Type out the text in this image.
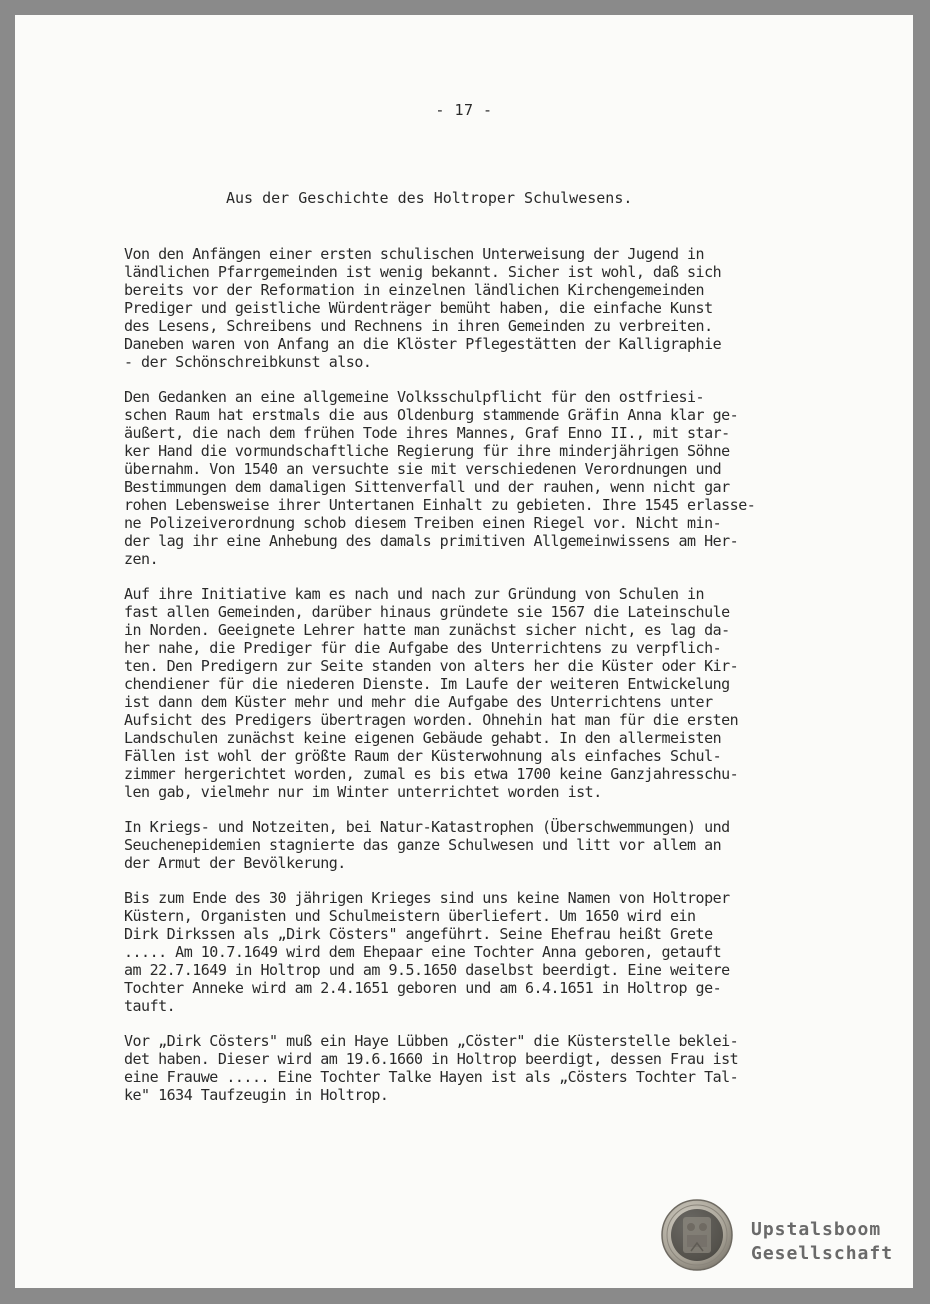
- 17 -
Aus der Geschichte des Holtroper Schulwesens.
Von den Anfängen einer ersten schulischen Unterweisung der Jugend in
ländlichen Pfarrgemeinden ist wenig bekannt. Sicher ist wohl, daß sich
bereits vor der Reformation in einzelnen ländlichen Kirchengemeinden
Prediger und geistliche Würdenträger bemüht haben, die einfache Kunst
des Lesens, Schreibens und Rechnens in ihren Gemeinden zu verbreiten.
Daneben waren von Anfang an die Klöster Pflegestätten der Kalligraphie
- der Schönschreibkunst also.
Den Gedanken an eine allgemeine Volksschulpflicht für den ostfriesi-
schen Raum hat erstmals die aus Oldenburg stammende Gräfin Anna klar ge-
äußert, die nach dem frühen Tode ihres Mannes, Graf Enno II., mit star-
ker Hand die vormundschaftliche Regierung für ihre minderjährigen Söhne
übernahm. Von 1540 an versuchte sie mit verschiedenen Verordnungen und
Bestimmungen dem damaligen Sittenverfall und der rauhen, wenn nicht gar
rohen Lebensweise ihrer Untertanen Einhalt zu gebieten. Ihre 1545 erlasse-
ne Polizeiverordnung schob diesem Treiben einen Riegel vor. Nicht min-
der lag ihr eine Anhebung des damals primitiven Allgemeinwissens am Her-
zen.
Auf ihre Initiative kam es nach und nach zur Gründung von Schulen in
fast allen Gemeinden, darüber hinaus gründete sie 1567 die Lateinschule
in Norden. Geeignete Lehrer hatte man zunächst sicher nicht, es lag da-
her nahe, die Prediger für die Aufgabe des Unterrichtens zu verpflich-
ten. Den Predigern zur Seite standen von alters her die Küster oder Kir-
chendiener für die niederen Dienste. Im Laufe der weiteren Entwickelung
ist dann dem Küster mehr und mehr die Aufgabe des Unterrichtens unter
Aufsicht des Predigers übertragen worden. Ohnehin hat man für die ersten
Landschulen zunächst keine eigenen Gebäude gehabt. In den allermeisten
Fällen ist wohl der größte Raum der Küsterwohnung als einfaches Schul-
zimmer hergerichtet worden, zumal es bis etwa 1700 keine Ganzjahresschu-
len gab, vielmehr nur im Winter unterrichtet worden ist.
In Kriegs- und Notzeiten, bei Natur-Katastrophen (Überschwemmungen) und
Seuchenepidemien stagnierte das ganze Schulwesen und litt vor allem an
der Armut der Bevölkerung.
Bis zum Ende des 30 jährigen Krieges sind uns keine Namen von Holtroper
Küstern, Organisten und Schulmeistern überliefert. Um 1650 wird ein
Dirk Dirkssen als „Dirk Cösters" angeführt. Seine Ehefrau heißt Grete
..... Am 10.7.1649 wird dem Ehepaar eine Tochter Anna geboren, getauft
am 22.7.1649 in Holtrop und am 9.5.1650 daselbst beerdigt. Eine weitere
Tochter Anneke wird am 2.4.1651 geboren und am 6.4.1651 in Holtrop ge-
tauft.
Vor „Dirk Cösters" muß ein Haye Lübben „Cöster" die Küsterstelle beklei-
det haben. Dieser wird am 19.6.1660 in Holtrop beerdigt, dessen Frau ist
eine Frauwe ..... Eine Tochter Talke Hayen ist als „Cösters Tochter Tal-
ke" 1634 Taufzeugin in Holtrop.
Upstalsboom
Gesellschaft
